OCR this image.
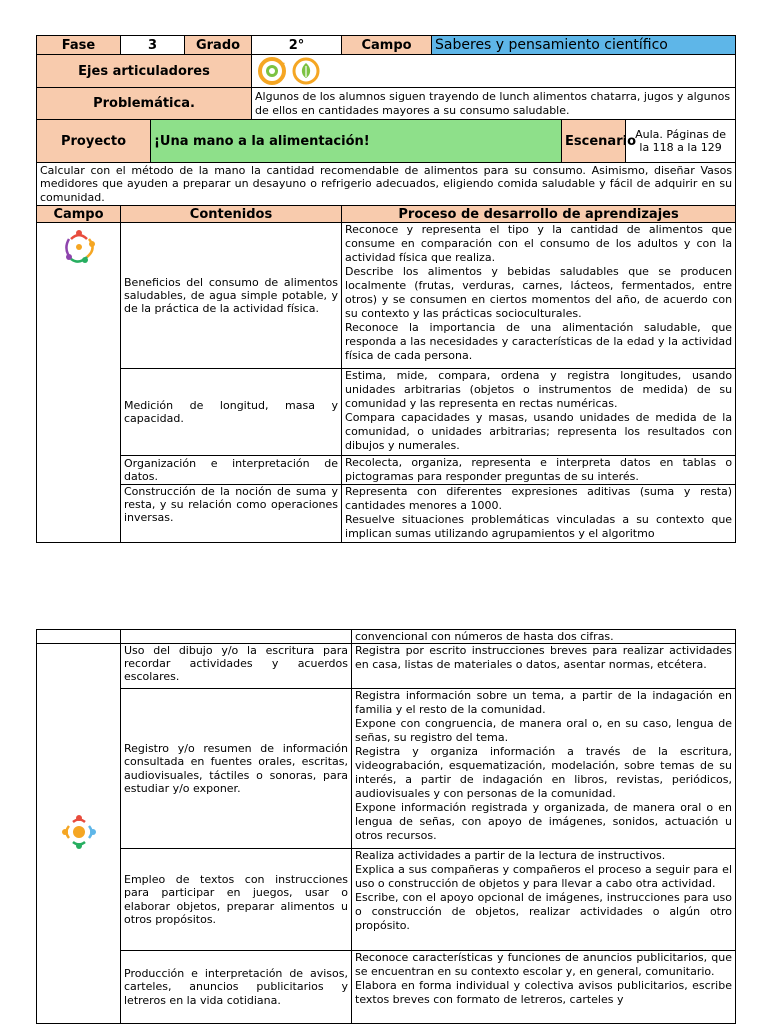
Fase	3		Grado	2°	Campo	Saberes y pensamiento científico		
Ejes articuladores	

Problemática.				Algunos de los alumnos siguen trayendo de lunch alimentos chatarra, jugos y algunos de ellos en cantidades mayores a su consumo saludable.				
Proyecto		¡Una mano a la alimentación!					Escenario	Aula. Páginas de la 118 a la 129
Calcular con el método de la mano la cantidad recomendable de alimentos para su consumo. Asimismo, diseñar Vasos medidores que ayuden a preparar un desayuno o refrigerio adecuados, eligiendo comida saludable y fácil de adquirir en su comunidad.								
Campo	Contenidos				Proceso de desarrollo de aprendizajes			

	Beneficios del consumo de alimentos saludables, de agua simple potable, y de la práctica de la actividad física.				Reconoce y representa el tipo y la cantidad de alimentos que consume en comparación con el consumo de los adultos y con la actividad física que realiza.
Describe los alimentos y bebidas saludables que se producen localmente (frutas, verduras, carnes, lácteos, fermentados, entre otros) y se consumen en ciertos momentos del año, de acuerdo con su contexto y las prácticas socioculturales.
Reconoce la importancia de una alimentación saludable, que responda a las necesidades y características de la edad y la actividad física de cada persona.			

	Medición de longitud, masa y capacidad.				Estima, mide, compara, ordena y registra longitudes, usando unidades arbitrarias (objetos o instrumentos de medida) de su comunidad y las representa en rectas numéricas.
Compara capacidades y masas, usando unidades de medida de la comunidad, o unidades arbitrarias; representa los resultados con dibujos y numerales.			

	Organización e interpretación de datos.				Recolecta, organiza, representa e interpreta datos en tablas o pictogramas para responder preguntas de su interés.			

	Construcción de la noción de suma y resta, y su relación como operaciones inversas.				Representa con diferentes expresiones aditivas (suma y resta) cantidades menores a 1000.
Resuelve situaciones problemáticas vinculadas a su contexto que implican sumas utilizando agrupamientos y el algoritmo			
		convencional con números de hasta dos cifras.

	Uso del dibujo y/o la escritura para recordar actividades y acuerdos escolares.	Registra por escrito instrucciones breves para realizar actividades en casa, listas de materiales o datos, asentar normas, etcétera.

	Registro y/o resumen de información consultada en fuentes orales, escritas, audiovisuales, táctiles o sonoras, para estudiar y/o exponer.	Registra información sobre un tema, a partir de la indagación en familia y el resto de la comunidad.
Expone con congruencia, de manera oral o, en su caso, lengua de señas, su registro del tema.
Registra y organiza información a través de la escritura, videograbación, esquematización, modelación, sobre temas de su interés, a partir de indagación en libros, revistas, periódicos, audiovisuales y con personas de la comunidad.
Expone información registrada y organizada, de manera oral o en lengua de señas, con apoyo de imágenes, sonidos, actuación u otros recursos.

	Empleo de textos con instrucciones para participar en juegos, usar o elaborar objetos, preparar alimentos u otros propósitos.	Realiza actividades a partir de la lectura de instructivos.
Explica a sus compañeras y compañeros el proceso a seguir para el uso o construcción de objetos y para llevar a cabo otra actividad.
Escribe, con el apoyo opcional de imágenes, instrucciones para uso o construcción de objetos, realizar actividades o algún otro propósito.

	Producción e interpretación de avisos, carteles, anuncios publicitarios y letreros en la vida cotidiana.	Reconoce características y funciones de anuncios publicitarios, que se encuentran en su contexto escolar y, en general, comunitario.
Elabora en forma individual y colectiva avisos publicitarios, escribe textos breves con formato de letreros, carteles y
